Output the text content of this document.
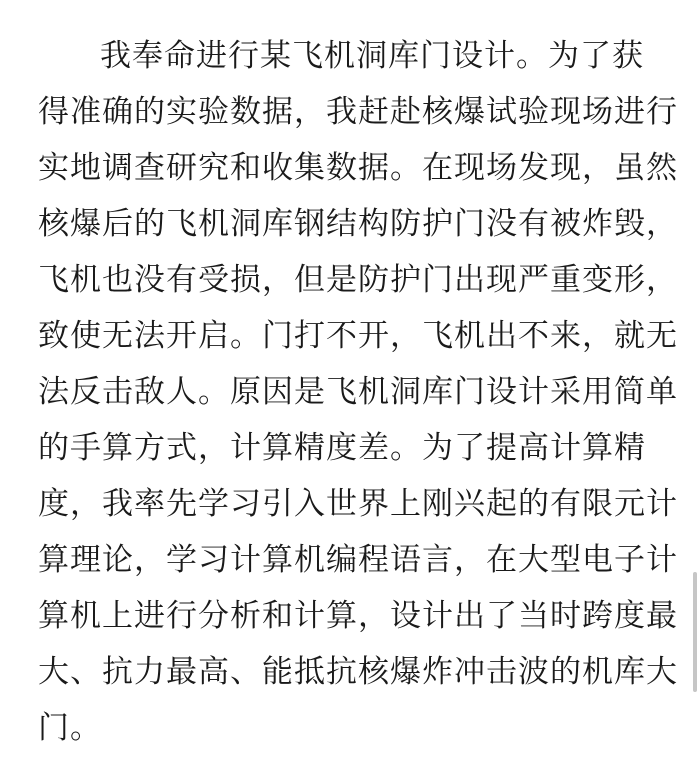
我奉命进行某飞机洞库门设计。为了获
得准确的实验数据，我赶赴核爆试验现场进行
实地调查研究和收集数据。在现场发现，虽然
核爆后的飞机洞库钢结构防护门没有被炸毁，
飞机也没有受损，但是防护门出现严重变形，
致使无法开启。门打不开，飞机出不来，就无
法反击敌人。原因是飞机洞库门设计采用简单
的手算方式，计算精度差。为了提高计算精
度，我率先学习引入世界上刚兴起的有限元计
算理论，学习计算机编程语言，在大型电子计
算机上进行分析和计算，设计出了当时跨度最
大、抗力最高、能抵抗核爆炸冲击波的机库大
门。
